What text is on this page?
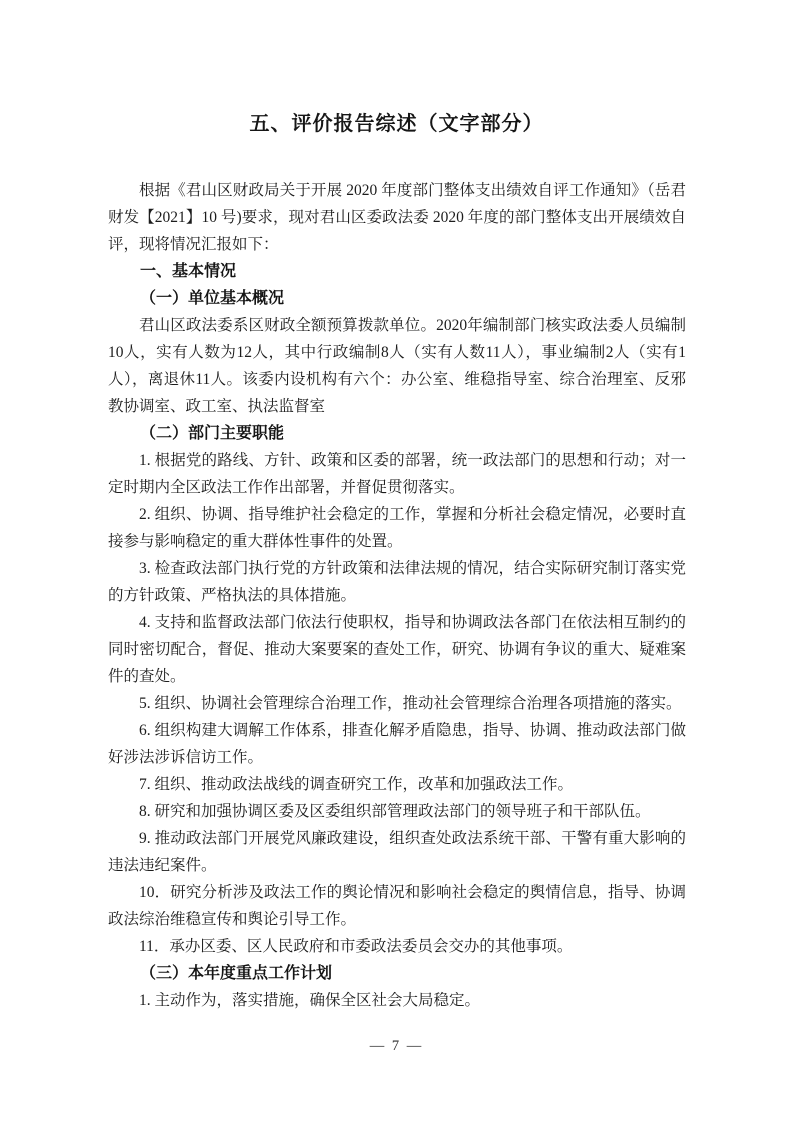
五、评价报告综述（文字部分）
根据《君山区财政局关于开展 2020 年度部门整体支出绩效自评工作通知》（岳君财发【2021】10 号)要求，现对君山区委政法委 2020 年度的部门整体支出开展绩效自评，现将情况汇报如下：
一、基本情况
（一）单位基本概况
君山区政法委系区财政全额预算拨款单位。2020年编制部门核实政法委人员编制10人，实有人数为12人，其中行政编制8人（实有人数11人），事业编制2人（实有1人），离退休11人。该委内设机构有六个：办公室、维稳指导室、综合治理室、反邪教协调室、政工室、执法监督室
（二）部门主要职能
1. 根据党的路线、方针、政策和区委的部署，统一政法部门的思想和行动；对一定时期内全区政法工作作出部署，并督促贯彻落实。
2. 组织、协调、指导维护社会稳定的工作，掌握和分析社会稳定情况，必要时直接参与影响稳定的重大群体性事件的处置。
3. 检查政法部门执行党的方针政策和法律法规的情况，结合实际研究制订落实党的方针政策、严格执法的具体措施。
4. 支持和监督政法部门依法行使职权，指导和协调政法各部门在依法相互制约的同时密切配合，督促、推动大案要案的查处工作，研究、协调有争议的重大、疑难案件的查处。
5. 组织、协调社会管理综合治理工作，推动社会管理综合治理各项措施的落实。
6. 组织构建大调解工作体系，排查化解矛盾隐患，指导、协调、推动政法部门做好涉法涉诉信访工作。
7. 组织、推动政法战线的调查研究工作，改革和加强政法工作。
8. 研究和加强协调区委及区委组织部管理政法部门的领导班子和干部队伍。
9. 推动政法部门开展党风廉政建设，组织查处政法系统干部、干警有重大影响的违法违纪案件。
10．研究分析涉及政法工作的舆论情况和影响社会稳定的舆情信息，指导、协调政法综治维稳宣传和舆论引导工作。
11．承办区委、区人民政府和市委政法委员会交办的其他事项。
（三）本年度重点工作计划
1. 主动作为，落实措施，确保全区社会大局稳定。
— 7 —
